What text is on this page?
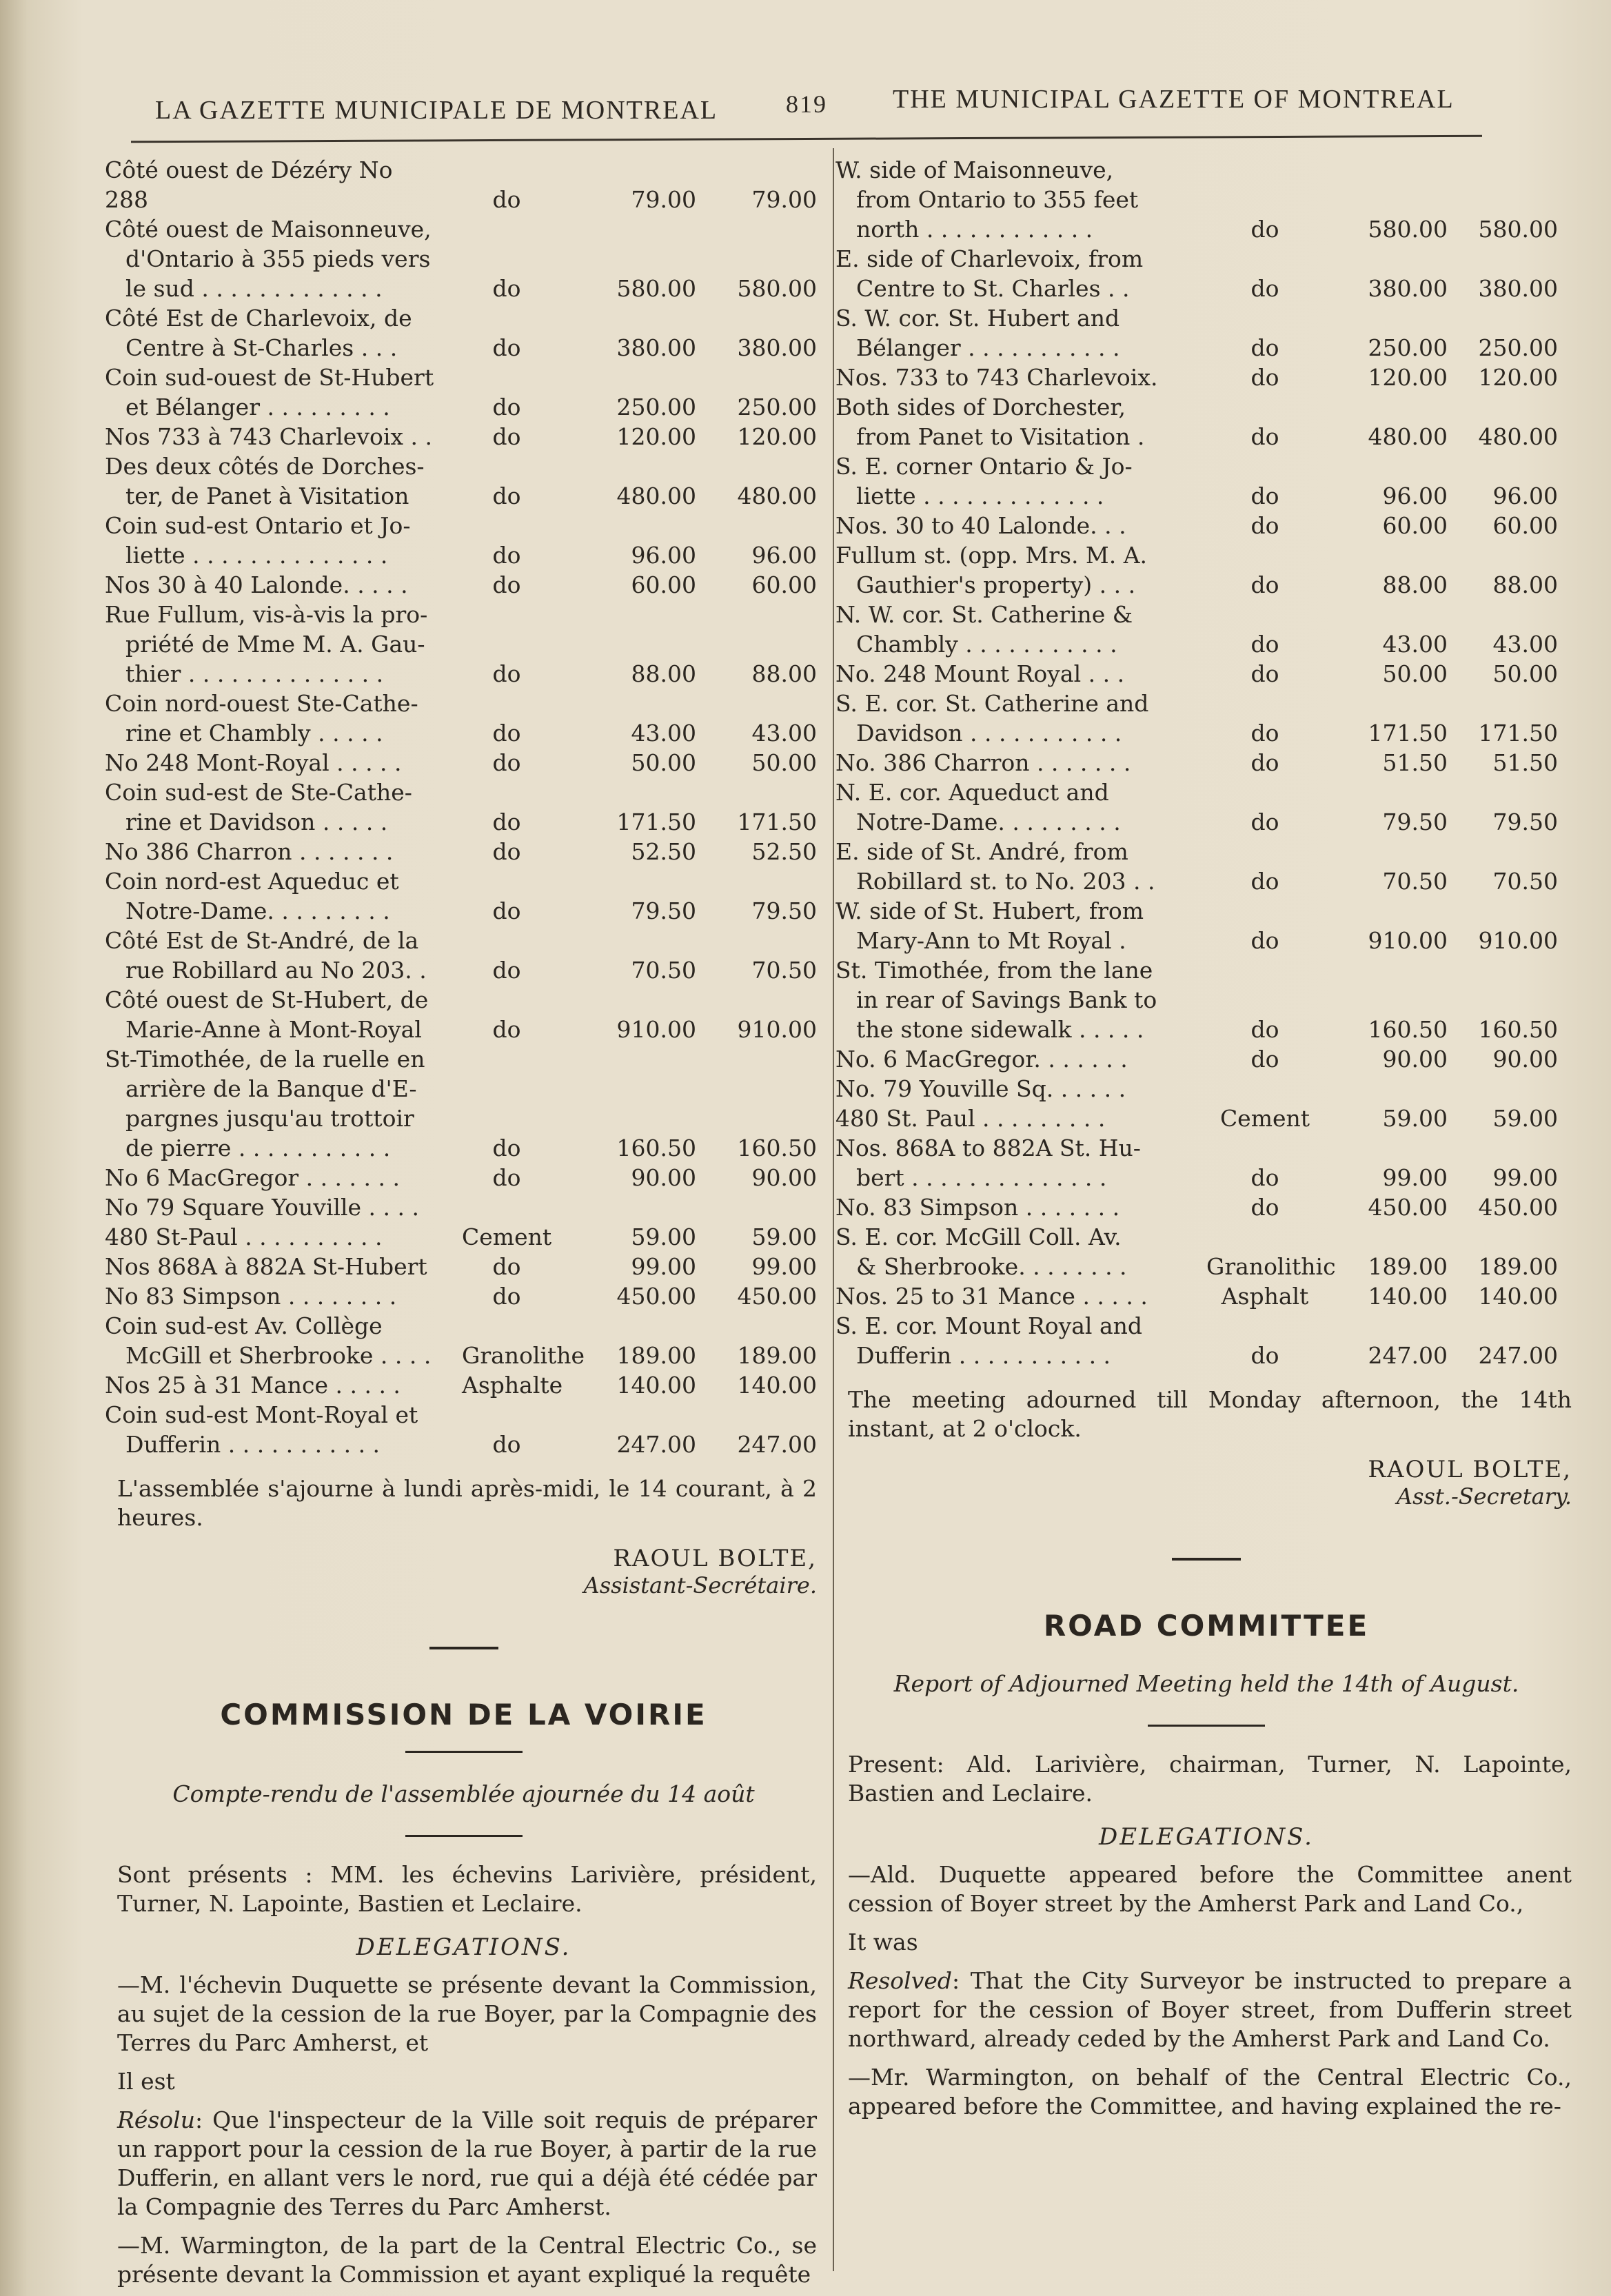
LA GAZETTE MUNICIPALE DE MONTREAL	819	THE MUNICIPAL GAZETTE OF MONTREAL
Côté ouest de Dézéry No 288	do	79.00	79.00
Côté ouest de Maisonneuve,
d'Ontario à 355 pieds vers
le sud . . . . . . . . . . . . .	do	580.00	580.00
Côté Est de Charlevoix, de
Centre à St-Charles . . .	do	380.00	380.00
Coin sud-ouest de St-Hubert
et Bélanger . . . . . . . . .	do	250.00	250.00
Nos 733 à 743 Charlevoix . .	do	120.00	120.00
Des deux côtés de Dorches-
ter, de Panet à Visitation	do	480.00	480.00
Coin sud-est Ontario et Jo-
liette . . . . . . . . . . . . . .	do	96.00	96.00
Nos 30 à 40 Lalonde. . . . .	do	60.00	60.00
Rue Fullum, vis-à-vis la pro-
priété de Mme M. A. Gau-
thier . . . . . . . . . . . . . .	do	88.00	88.00
Coin nord-ouest Ste-Cathe-
rine et Chambly . . . . .	do	43.00	43.00
No 248 Mont-Royal . . . . .	do	50.00	50.00
Coin sud-est de Ste-Cathe-
rine et Davidson . . . . .	do	171.50	171.50
No 386 Charron . . . . . . .	do	52.50	52.50
Coin nord-est Aqueduc et
Notre-Dame. . . . . . . . .	do	79.50	79.50
Côté Est de St-André, de la
rue Robillard au No 203. .	do	70.50	70.50
Côté ouest de St-Hubert, de
Marie-Anne à Mont-Royal	do	910.00	910.00
St-Timothée, de la ruelle en
arrière de la Banque d'E-
pargnes jusqu'au trottoir
de pierre . . . . . . . . . . .	do	160.50	160.50
No 6 MacGregor . . . . . . .	do	90.00	90.00
No 79 Square Youville . . . .
480 St-Paul . . . . . . . . . .	Cement	59.00	59.00
Nos 868A à 882A St-Hubert	do	99.00	99.00
No 83 Simpson . . . . . . . .	do	450.00	450.00
Coin sud-est Av. Collège
McGill et Sherbrooke . . . .	Granolithe	189.00	189.00
Nos 25 à 31 Mance . . . . .	Asphalte	140.00	140.00
Coin sud-est Mont-Royal et
Dufferin . . . . . . . . . . .	do	247.00	247.00
L'assemblée s'ajourne à lundi après-midi, le 14 courant, à 2 heures.
RAOUL BOLTE,
Assistant-Secrétaire.
COMMISSION DE LA VOIRIE
Compte-rendu de l'assemblée ajournée du 14 août
Sont présents : MM. les échevins Larivière, président, Turner, N. Lapointe, Bastien et Leclaire.
DELEGATIONS.
—M. l'échevin Duquette se présente devant la Commission, au sujet de la cession de la rue Boyer, par la Compagnie des Terres du Parc Amherst, et
Il est
Résolu: Que l'inspecteur de la Ville soit requis de préparer un rapport pour la cession de la rue Boyer, à partir de la rue Dufferin, en allant vers le nord, rue qui a déjà été cédée par la Compagnie des Terres du Parc Amherst.
—M. Warmington, de la part de la Central Electric Co., se présente devant la Commission et ayant expliqué la requête
W. side of Maisonneuve,
from Ontario to 355 feet
north . . . . . . . . . . . .	do	580.00	580.00
E. side of Charlevoix, from
Centre to St. Charles . .	do	380.00	380.00
S. W. cor. St. Hubert and
Bélanger . . . . . . . . . . .	do	250.00	250.00
Nos. 733 to 743 Charlevoix.	do	120.00	120.00
Both sides of Dorchester,
from Panet to Visitation .	do	480.00	480.00
S. E. corner Ontario & Jo-
liette . . . . . . . . . . . . .	do	96.00	96.00
Nos. 30 to 40 Lalonde. . .	do	60.00	60.00
Fullum st. (opp. Mrs. M. A.
Gauthier's property) . . .	do	88.00	88.00
N. W. cor. St. Catherine &
Chambly . . . . . . . . . . .	do	43.00	43.00
No. 248 Mount Royal . . .	do	50.00	50.00
S. E. cor. St. Catherine and
Davidson . . . . . . . . . . .	do	171.50	171.50
No. 386 Charron . . . . . . .	do	51.50	51.50
N. E. cor. Aqueduct and
Notre-Dame. . . . . . . . .	do	79.50	79.50
E. side of St. André, from
Robillard st. to No. 203 . .	do	70.50	70.50
W. side of St. Hubert, from
Mary-Ann to Mt Royal .	do	910.00	910.00
St. Timothée, from the lane
in rear of Savings Bank to
the stone sidewalk . . . . .	do	160.50	160.50
No. 6 MacGregor. . . . . . .	do	90.00	90.00
No. 79 Youville Sq. . . . . .
480 St. Paul . . . . . . . . .	Cement	59.00	59.00
Nos. 868A to 882A St. Hu-
bert . . . . . . . . . . . . . .	do	99.00	99.00
No. 83 Simpson . . . . . . .	do	450.00	450.00
S. E. cor. McGill Coll. Av.
& Sherbrooke. . . . . . . .	Granolithic	189.00	189.00
Nos. 25 to 31 Mance . . . . .	Asphalt	140.00	140.00
S. E. cor. Mount Royal and
Dufferin . . . . . . . . . . .	do	247.00	247.00
The meeting adourned till Monday afternoon, the 14th instant, at 2 o'clock.
RAOUL BOLTE,
Asst.-Secretary.
ROAD COMMITTEE
Report of Adjourned Meeting held the 14th of August.
Present: Ald. Larivière, chairman, Turner, N. Lapointe, Bastien and Leclaire.
DELEGATIONS.
—Ald. Duquette appeared before the Committee anent cession of Boyer street by the Amherst Park and Land Co.,
It was
Resolved: That the City Surveyor be instructed to prepare a report for the cession of Boyer street, from Dufferin street northward, already ceded by the Amherst Park and Land Co.
—Mr. Warmington, on behalf of the Central Electric Co., appeared before the Committee, and having explained the re-
